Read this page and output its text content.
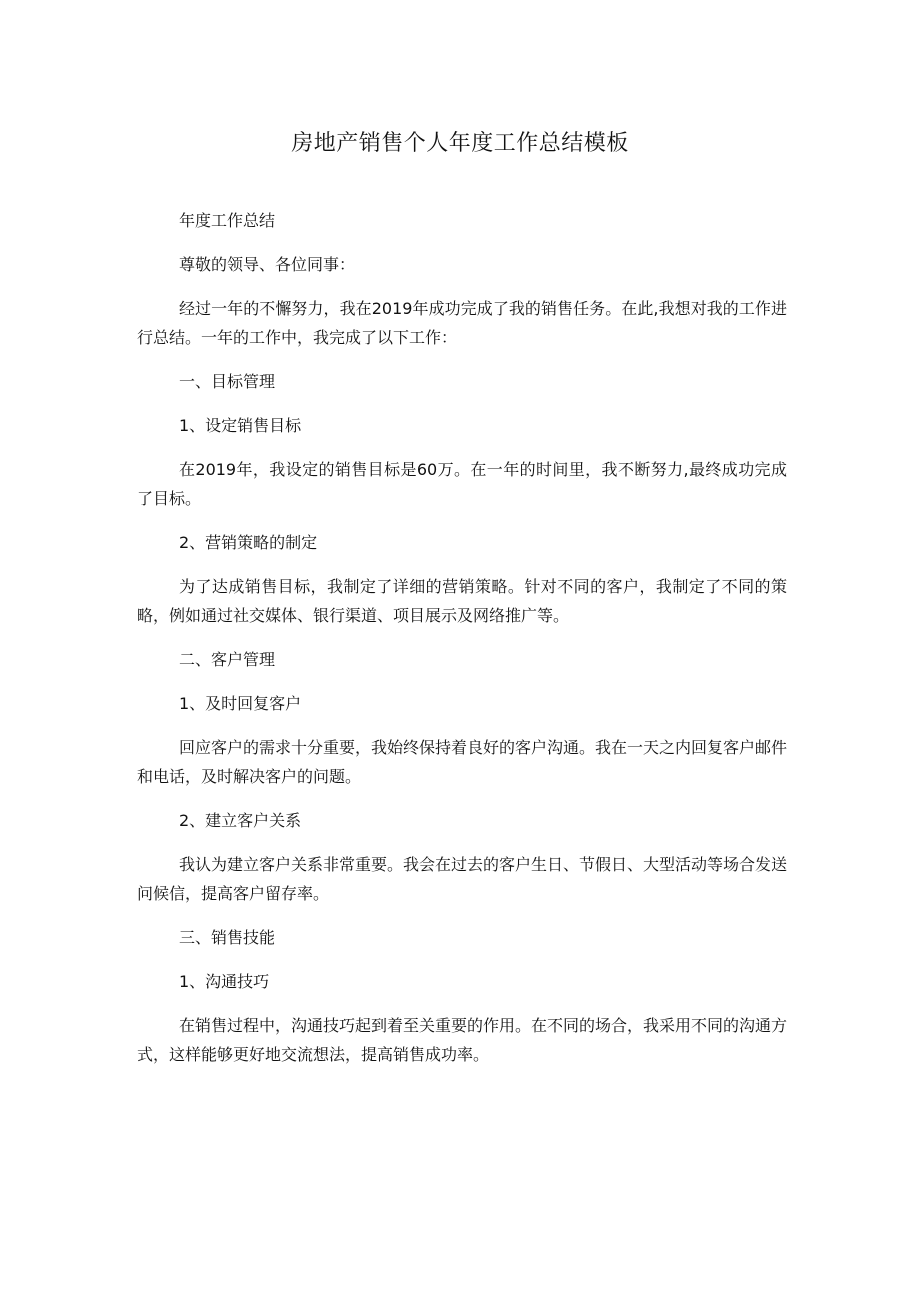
房地产销售个人年度工作总结模板

年度工作总结

尊敬的领导、各位同事：

经过一年的不懈努力，我在2019年成功完成了我的销售任务。在此,我想对我的工作进行总结。一年的工作中，我完成了以下工作：

一、目标管理

1、设定销售目标

在2019年，我设定的销售目标是60万。在一年的时间里，我不断努力,最终成功完成了目标。

2、营销策略的制定

为了达成销售目标，我制定了详细的营销策略。针对不同的客户，我制定了不同的策略，例如通过社交媒体、银行渠道、项目展示及网络推广等。

二、客户管理

1、及时回复客户

回应客户的需求十分重要，我始终保持着良好的客户沟通。我在一天之内回复客户邮件和电话，及时解决客户的问题。

2、建立客户关系

我认为建立客户关系非常重要。我会在过去的客户生日、节假日、大型活动等场合发送问候信，提高客户留存率。

三、销售技能

1、沟通技巧

在销售过程中，沟通技巧起到着至关重要的作用。在不同的场合，我采用不同的沟通方式，这样能够更好地交流想法，提高销售成功率。
